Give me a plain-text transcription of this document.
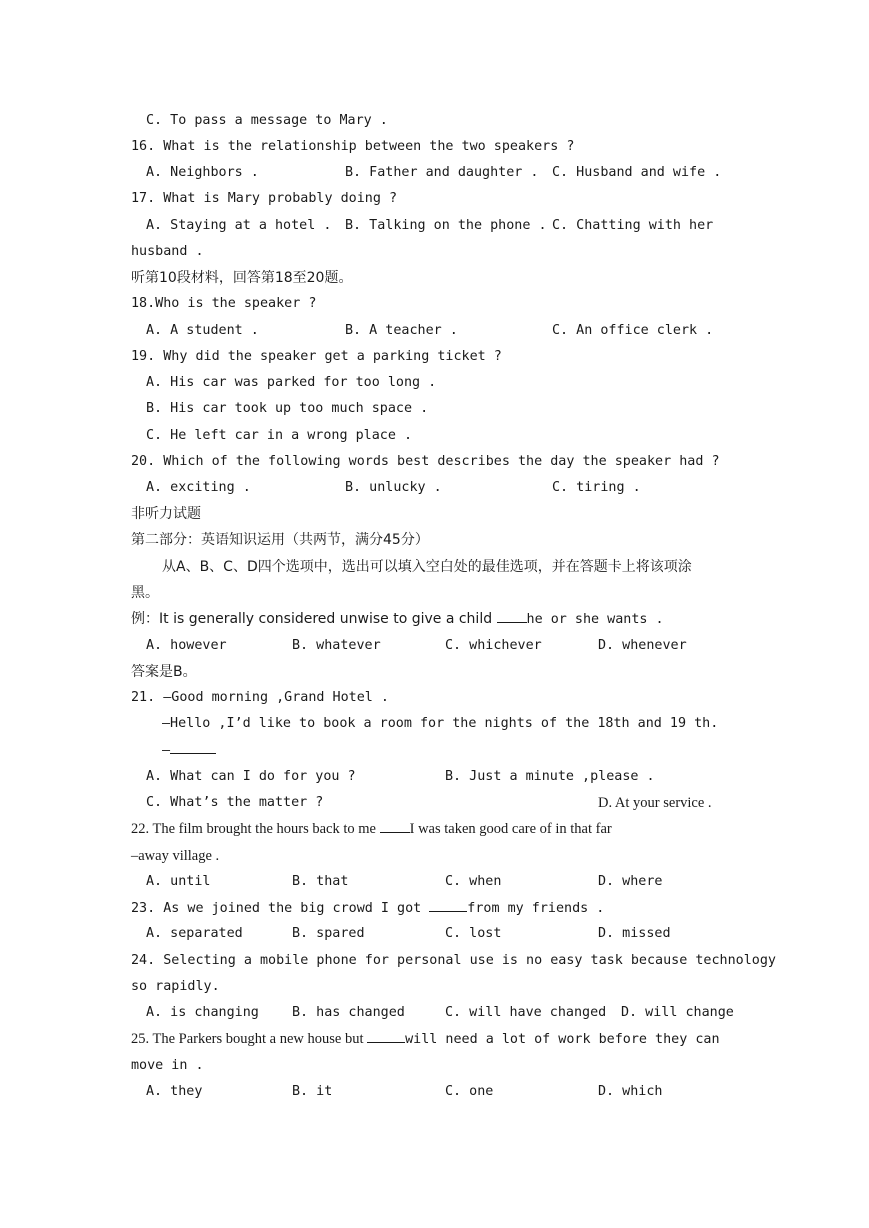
C. To pass a message to Mary .
16. What is the relationship between the two speakers ?
A. Neighbors .	B. Father and daughter . C. Husband and wife .
17. What is Mary probably doing ?
A. Staying at a hotel . B. Talking on the phone . C. Chatting with her
husband .
听第10段材料，回答第18至20题。
18.Who is the speaker ?
A. A student .	B. A teacher .	C. An office clerk .
19. Why did the speaker get a parking ticket ?
A. His car was parked for too long .
B. His car took up too much space .
C. He left car in a wrong place .
20. Which of the following words best describes the day the speaker had ?
A. exciting .	B. unlucky .	C. tiring .
非听力试题
第二部分：英语知识运用（共两节，满分45分）
从A、B、C、D四个选项中，选出可以填入空白处的最佳选项，并在答题卡上将该项涂
黑。
例：It is generally considered unwise to give a child he or she wants .
A. however	B. whatever	C. whichever	D. whenever
答案是B。
21. —Good morning ,Grand Hotel .
—Hello ,I’d like to book a room for the nights of the 18th and 19 th.
—
A. What can I do for you ?	B. Just a minute ,please .
C. What’s the matter ?	D. At your service .
22. The film brought the hours back to me I was taken good care of in that far
–away village .
A. until	B. that	C. when	D. where
23. As we joined the big crowd I got	from my friends .
A. separated	B. spared	C. lost	D. missed
24. Selecting a mobile phone for personal use is no easy task because technology
so rapidly.
A. is changing B. has changed	C. will have changed D. will change
25. The Parkers bought a new house but	will need a lot of work before they can
move in .
A. they	B. it	C. one	D. which
